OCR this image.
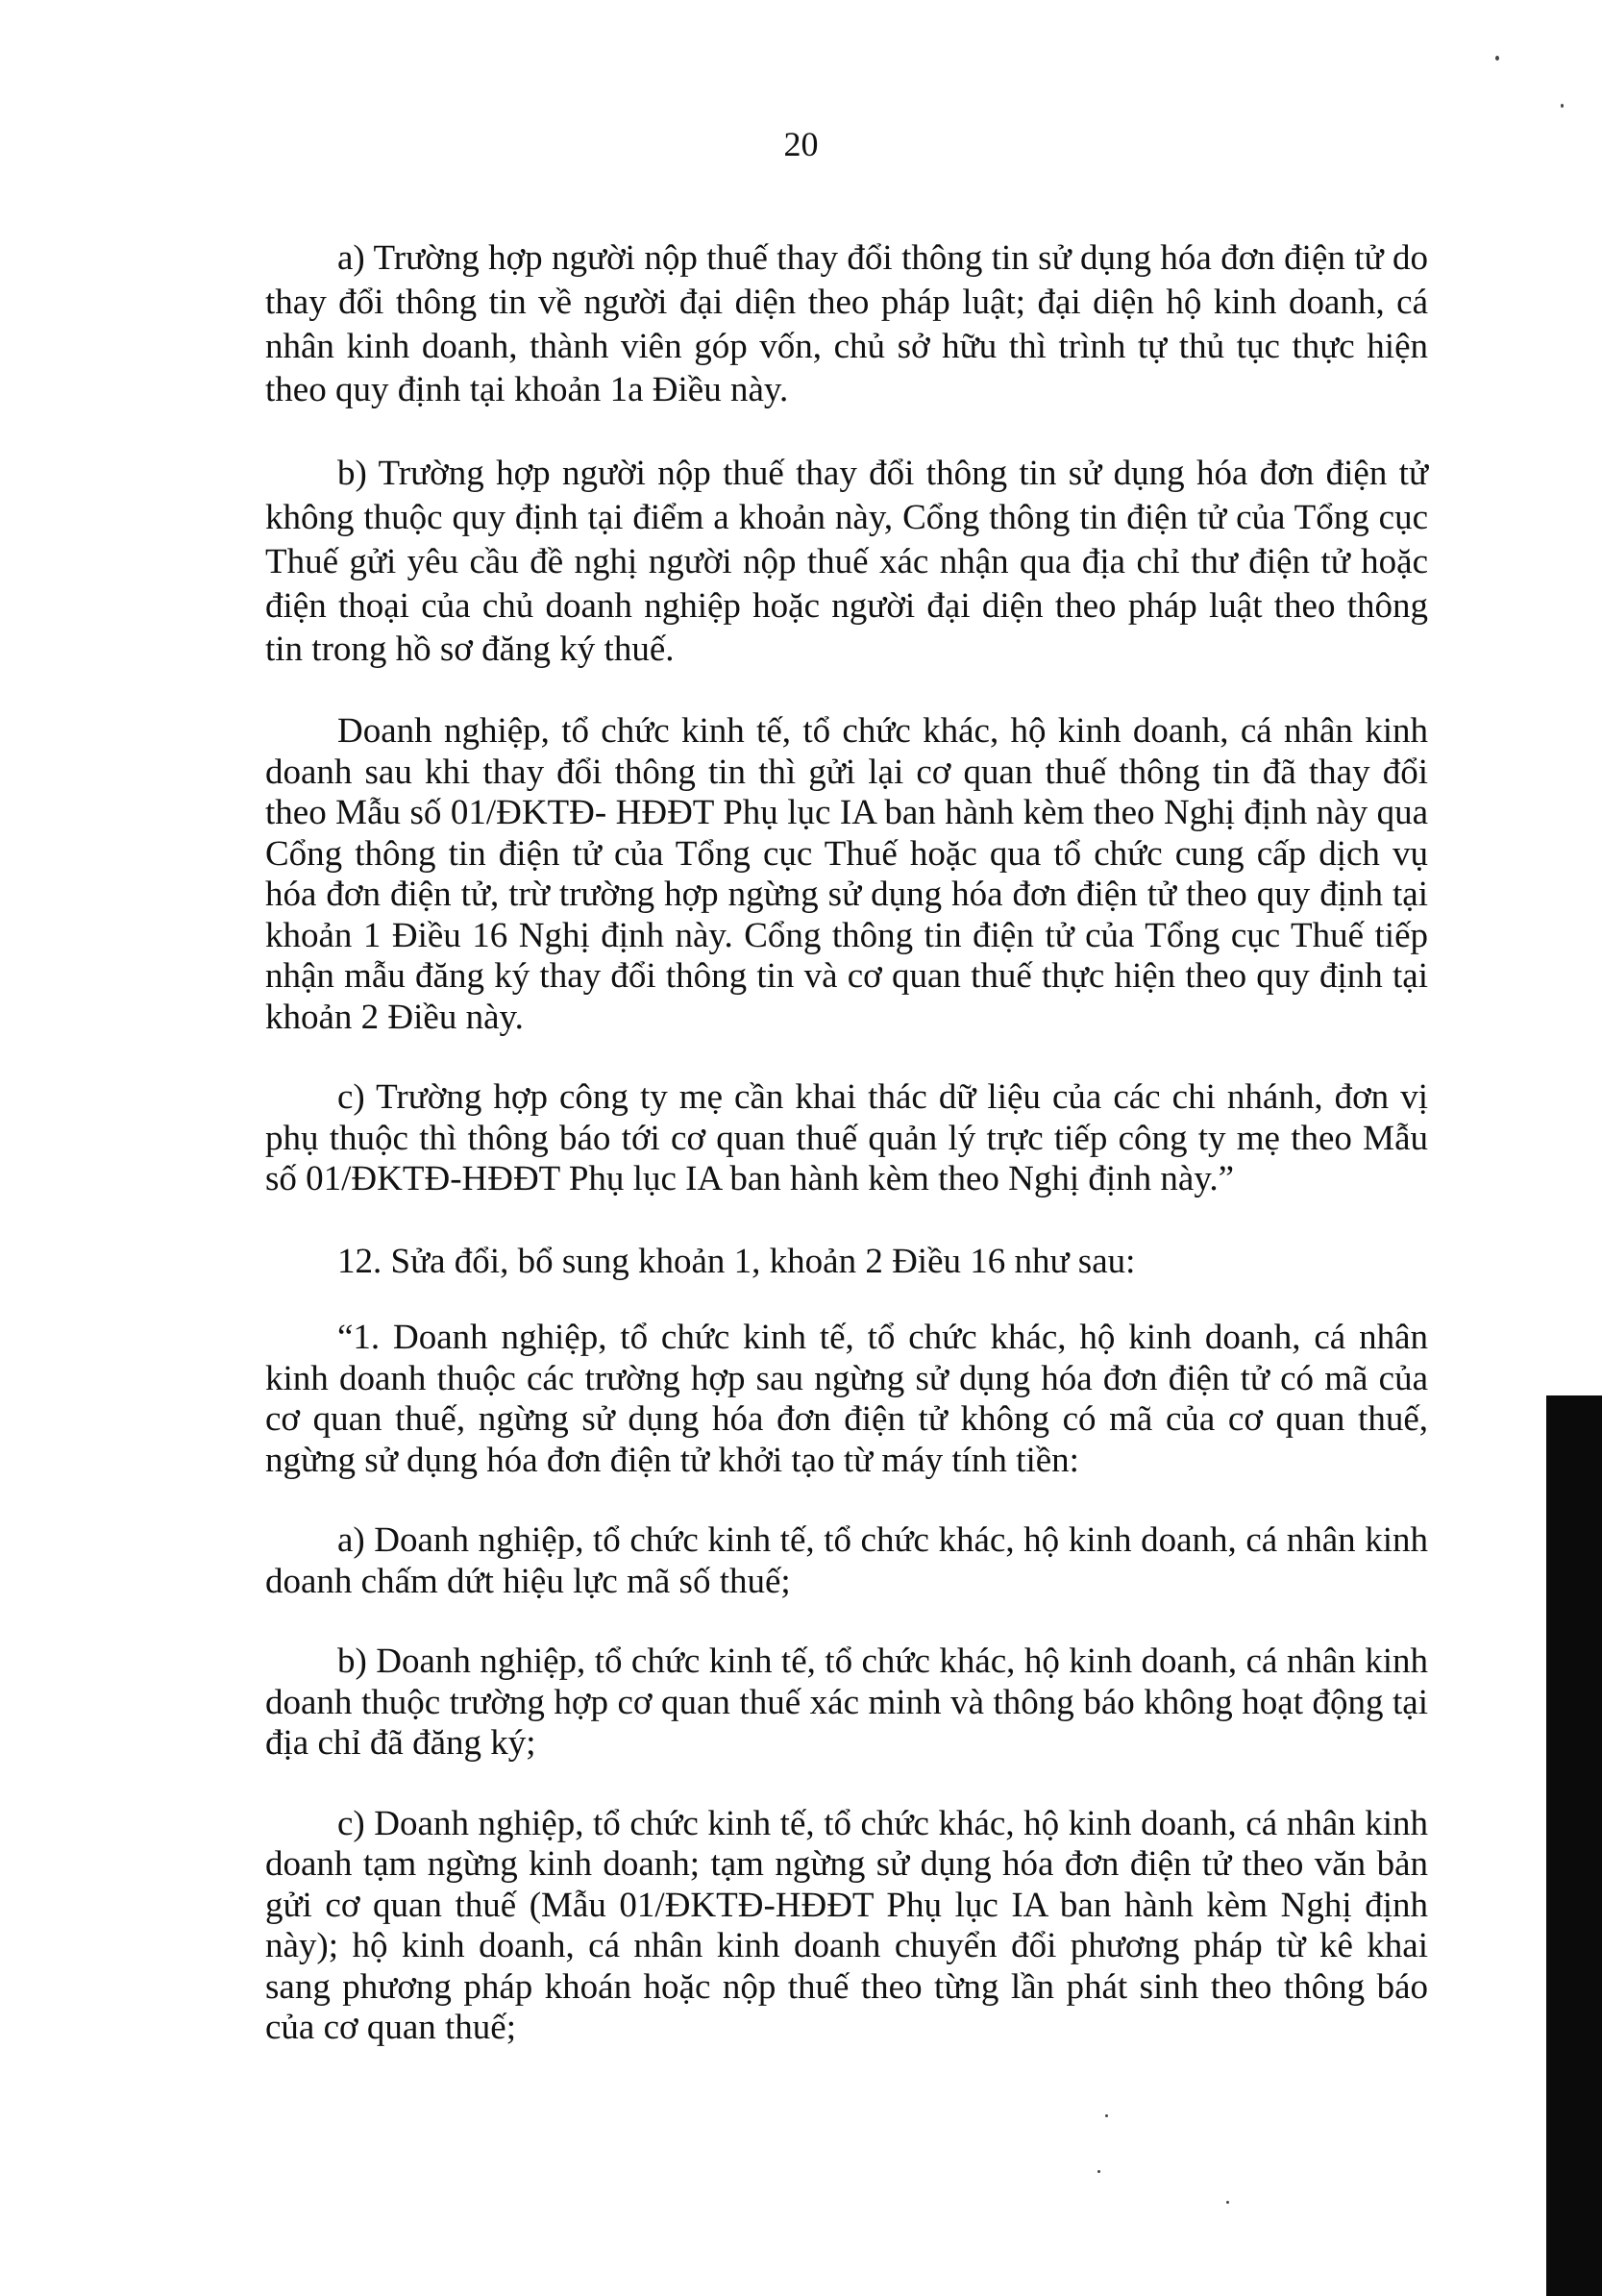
20

a) Trường hợp người nộp thuế thay đổi thông tin sử dụng hóa đơn điện tử do thay đổi thông tin về người đại diện theo pháp luật; đại diện hộ kinh doanh, cá nhân kinh doanh, thành viên góp vốn, chủ sở hữu thì trình tự thủ tục thực hiện theo quy định tại khoản 1a Điều này.

b) Trường hợp người nộp thuế thay đổi thông tin sử dụng hóa đơn điện tử không thuộc quy định tại điểm a khoản này, Cổng thông tin điện tử của Tổng cục Thuế gửi yêu cầu đề nghị người nộp thuế xác nhận qua địa chỉ thư điện tử hoặc điện thoại của chủ doanh nghiệp hoặc người đại diện theo pháp luật theo thông tin trong hồ sơ đăng ký thuế.

Doanh nghiệp, tổ chức kinh tế, tổ chức khác, hộ kinh doanh, cá nhân kinh doanh sau khi thay đổi thông tin thì gửi lại cơ quan thuế thông tin đã thay đổi theo Mẫu số 01/ĐKTĐ- HĐĐT Phụ lục IA ban hành kèm theo Nghị định này qua Cổng thông tin điện tử của Tổng cục Thuế hoặc qua tổ chức cung cấp dịch vụ hóa đơn điện tử, trừ trường hợp ngừng sử dụng hóa đơn điện tử theo quy định tại khoản 1 Điều 16 Nghị định này. Cổng thông tin điện tử của Tổng cục Thuế tiếp nhận mẫu đăng ký thay đổi thông tin và cơ quan thuế thực hiện theo quy định tại khoản 2 Điều này.

c) Trường hợp công ty mẹ cần khai thác dữ liệu của các chi nhánh, đơn vị phụ thuộc thì thông báo tới cơ quan thuế quản lý trực tiếp công ty mẹ theo Mẫu số 01/ĐKTĐ-HĐĐT Phụ lục IA ban hành kèm theo Nghị định này.”

12. Sửa đổi, bổ sung khoản 1, khoản 2 Điều 16 như sau:

“1. Doanh nghiệp, tổ chức kinh tế, tổ chức khác, hộ kinh doanh, cá nhân kinh doanh thuộc các trường hợp sau ngừng sử dụng hóa đơn điện tử có mã của cơ quan thuế, ngừng sử dụng hóa đơn điện tử không có mã của cơ quan thuế, ngừng sử dụng hóa đơn điện tử khởi tạo từ máy tính tiền:

a) Doanh nghiệp, tổ chức kinh tế, tổ chức khác, hộ kinh doanh, cá nhân kinh doanh chấm dứt hiệu lực mã số thuế;

b) Doanh nghiệp, tổ chức kinh tế, tổ chức khác, hộ kinh doanh, cá nhân kinh doanh thuộc trường hợp cơ quan thuế xác minh và thông báo không hoạt động tại địa chỉ đã đăng ký;

c) Doanh nghiệp, tổ chức kinh tế, tổ chức khác, hộ kinh doanh, cá nhân kinh doanh tạm ngừng kinh doanh; tạm ngừng sử dụng hóa đơn điện tử theo văn bản gửi cơ quan thuế (Mẫu 01/ĐKTĐ-HĐĐT Phụ lục IA ban hành kèm Nghị định này); hộ kinh doanh, cá nhân kinh doanh chuyển đổi phương pháp từ kê khai sang phương pháp khoán hoặc nộp thuế theo từng lần phát sinh theo thông báo của cơ quan thuế;
